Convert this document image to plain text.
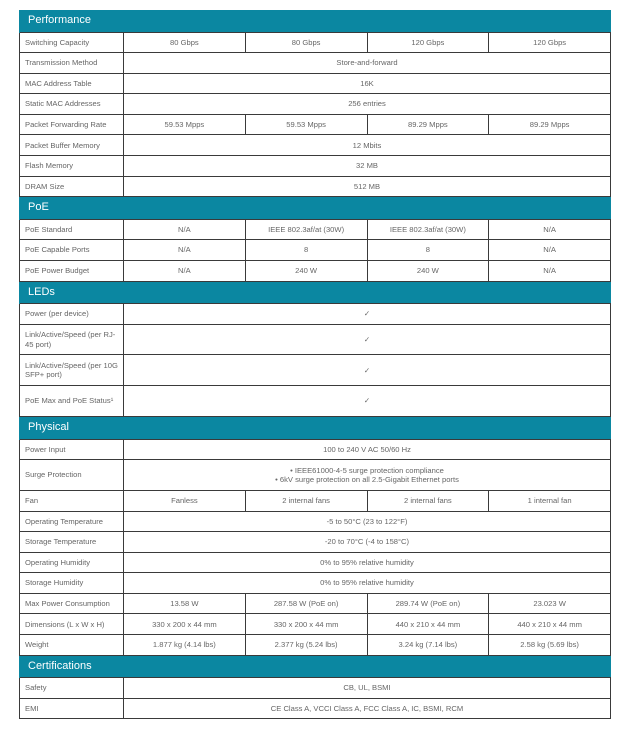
Performance				
Switching Capacity	80 Gbps	80 Gbps	120 Gbps	120 Gbps
Transmission Method	Store-and-forward			
MAC Address Table	16K			
Static MAC Addresses	256 entries			
Packet Forwarding Rate	59.53 Mpps	59.53 Mpps	89.29 Mpps	89.29 Mpps
Packet Buffer Memory	12 Mbits			
Flash Memory	32 MB			
DRAM Size	512 MB			
PoE				
PoE Standard	N/A	IEEE 802.3af/at (30W)	IEEE 802.3af/at (30W)	N/A
PoE Capable Ports	N/A	8	8	N/A
PoE Power Budget	N/A	240 W	240 W	N/A
LEDs				
Power (per device)	✓			
Link/Active/Speed (per RJ-45 port)	✓			
Link/Active/Speed (per 10G SFP+ port)	✓			
PoE Max and PoE Status¹	✓			
Physical				
Power Input	100 to 240 V AC 50/60 Hz			
Surge Protection	• IEEE61000-4-5 surge protection compliance
• 6kV surge protection on all 2.5-Gigabit Ethernet ports			
Fan	Fanless	2 internal fans	2 internal fans	1 internal fan
Operating Temperature	-5 to 50°C (23 to 122°F)			
Storage Temperature	-20 to 70°C (-4 to 158°C)			
Operating Humidity	0% to 95% relative humidity			
Storage Humidity	0% to 95% relative humidity			
Max Power Consumption	13.58 W	287.58 W (PoE on)	289.74 W (PoE on)	23.023 W
Dimensions (L x W x H)	330 x 200 x 44 mm	330 x 200 x 44 mm	440 x 210 x 44 mm	440 x 210 x 44 mm
Weight	1.877 kg (4.14 lbs)	2.377 kg (5.24 lbs)	3.24 kg (7.14 lbs)	2.58 kg (5.69 lbs)
Certifications				
Safety	CB, UL, BSMI			
EMI	CE Class A, VCCI Class A, FCC Class A, IC, BSMI, RCM			
